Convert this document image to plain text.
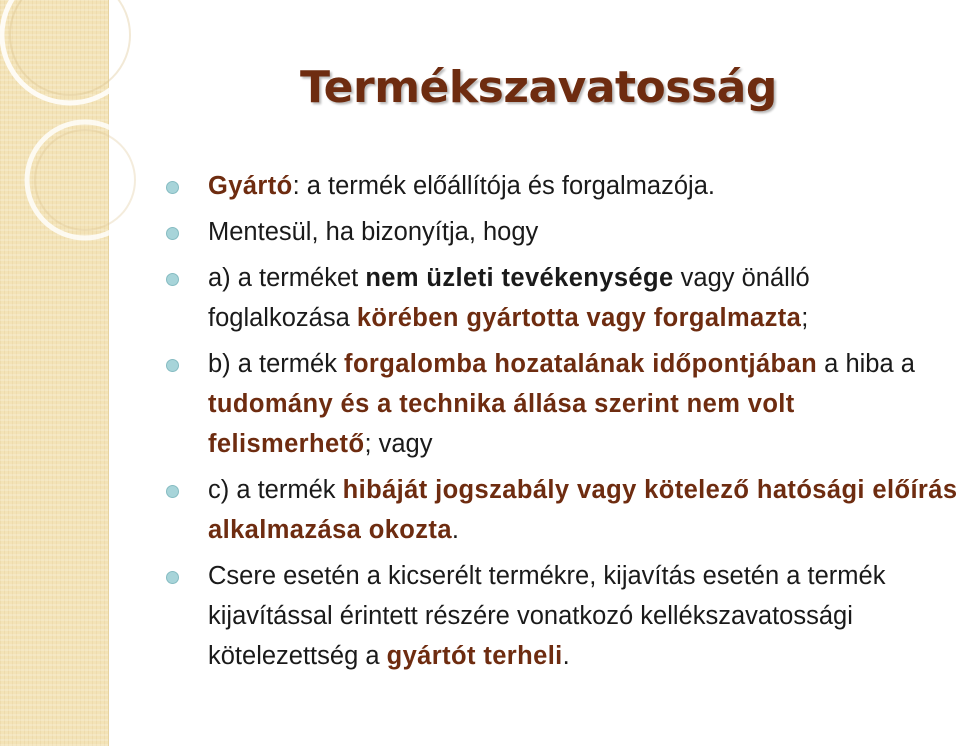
Termékszavatosság
Gyártó: a termék előállítója és forgalmazója.
Mentesül, ha bizonyítja, hogy
a) a terméket nem üzleti tevékenysége vagy önálló foglalkozása körében gyártotta vagy forgalmazta;
b) a termék forgalomba hozatalának időpontjában a hiba a tudomány és a technika állása szerint nem volt felismerhető; vagy
c) a termék hibáját jogszabály vagy kötelező hatósági előírás alkalmazása okozta.
Csere esetén a kicserélt termékre, kijavítás esetén a termék kijavítással érintett részére vonatkozó kellékszavatossági kötelezettség a gyártót terheli.
